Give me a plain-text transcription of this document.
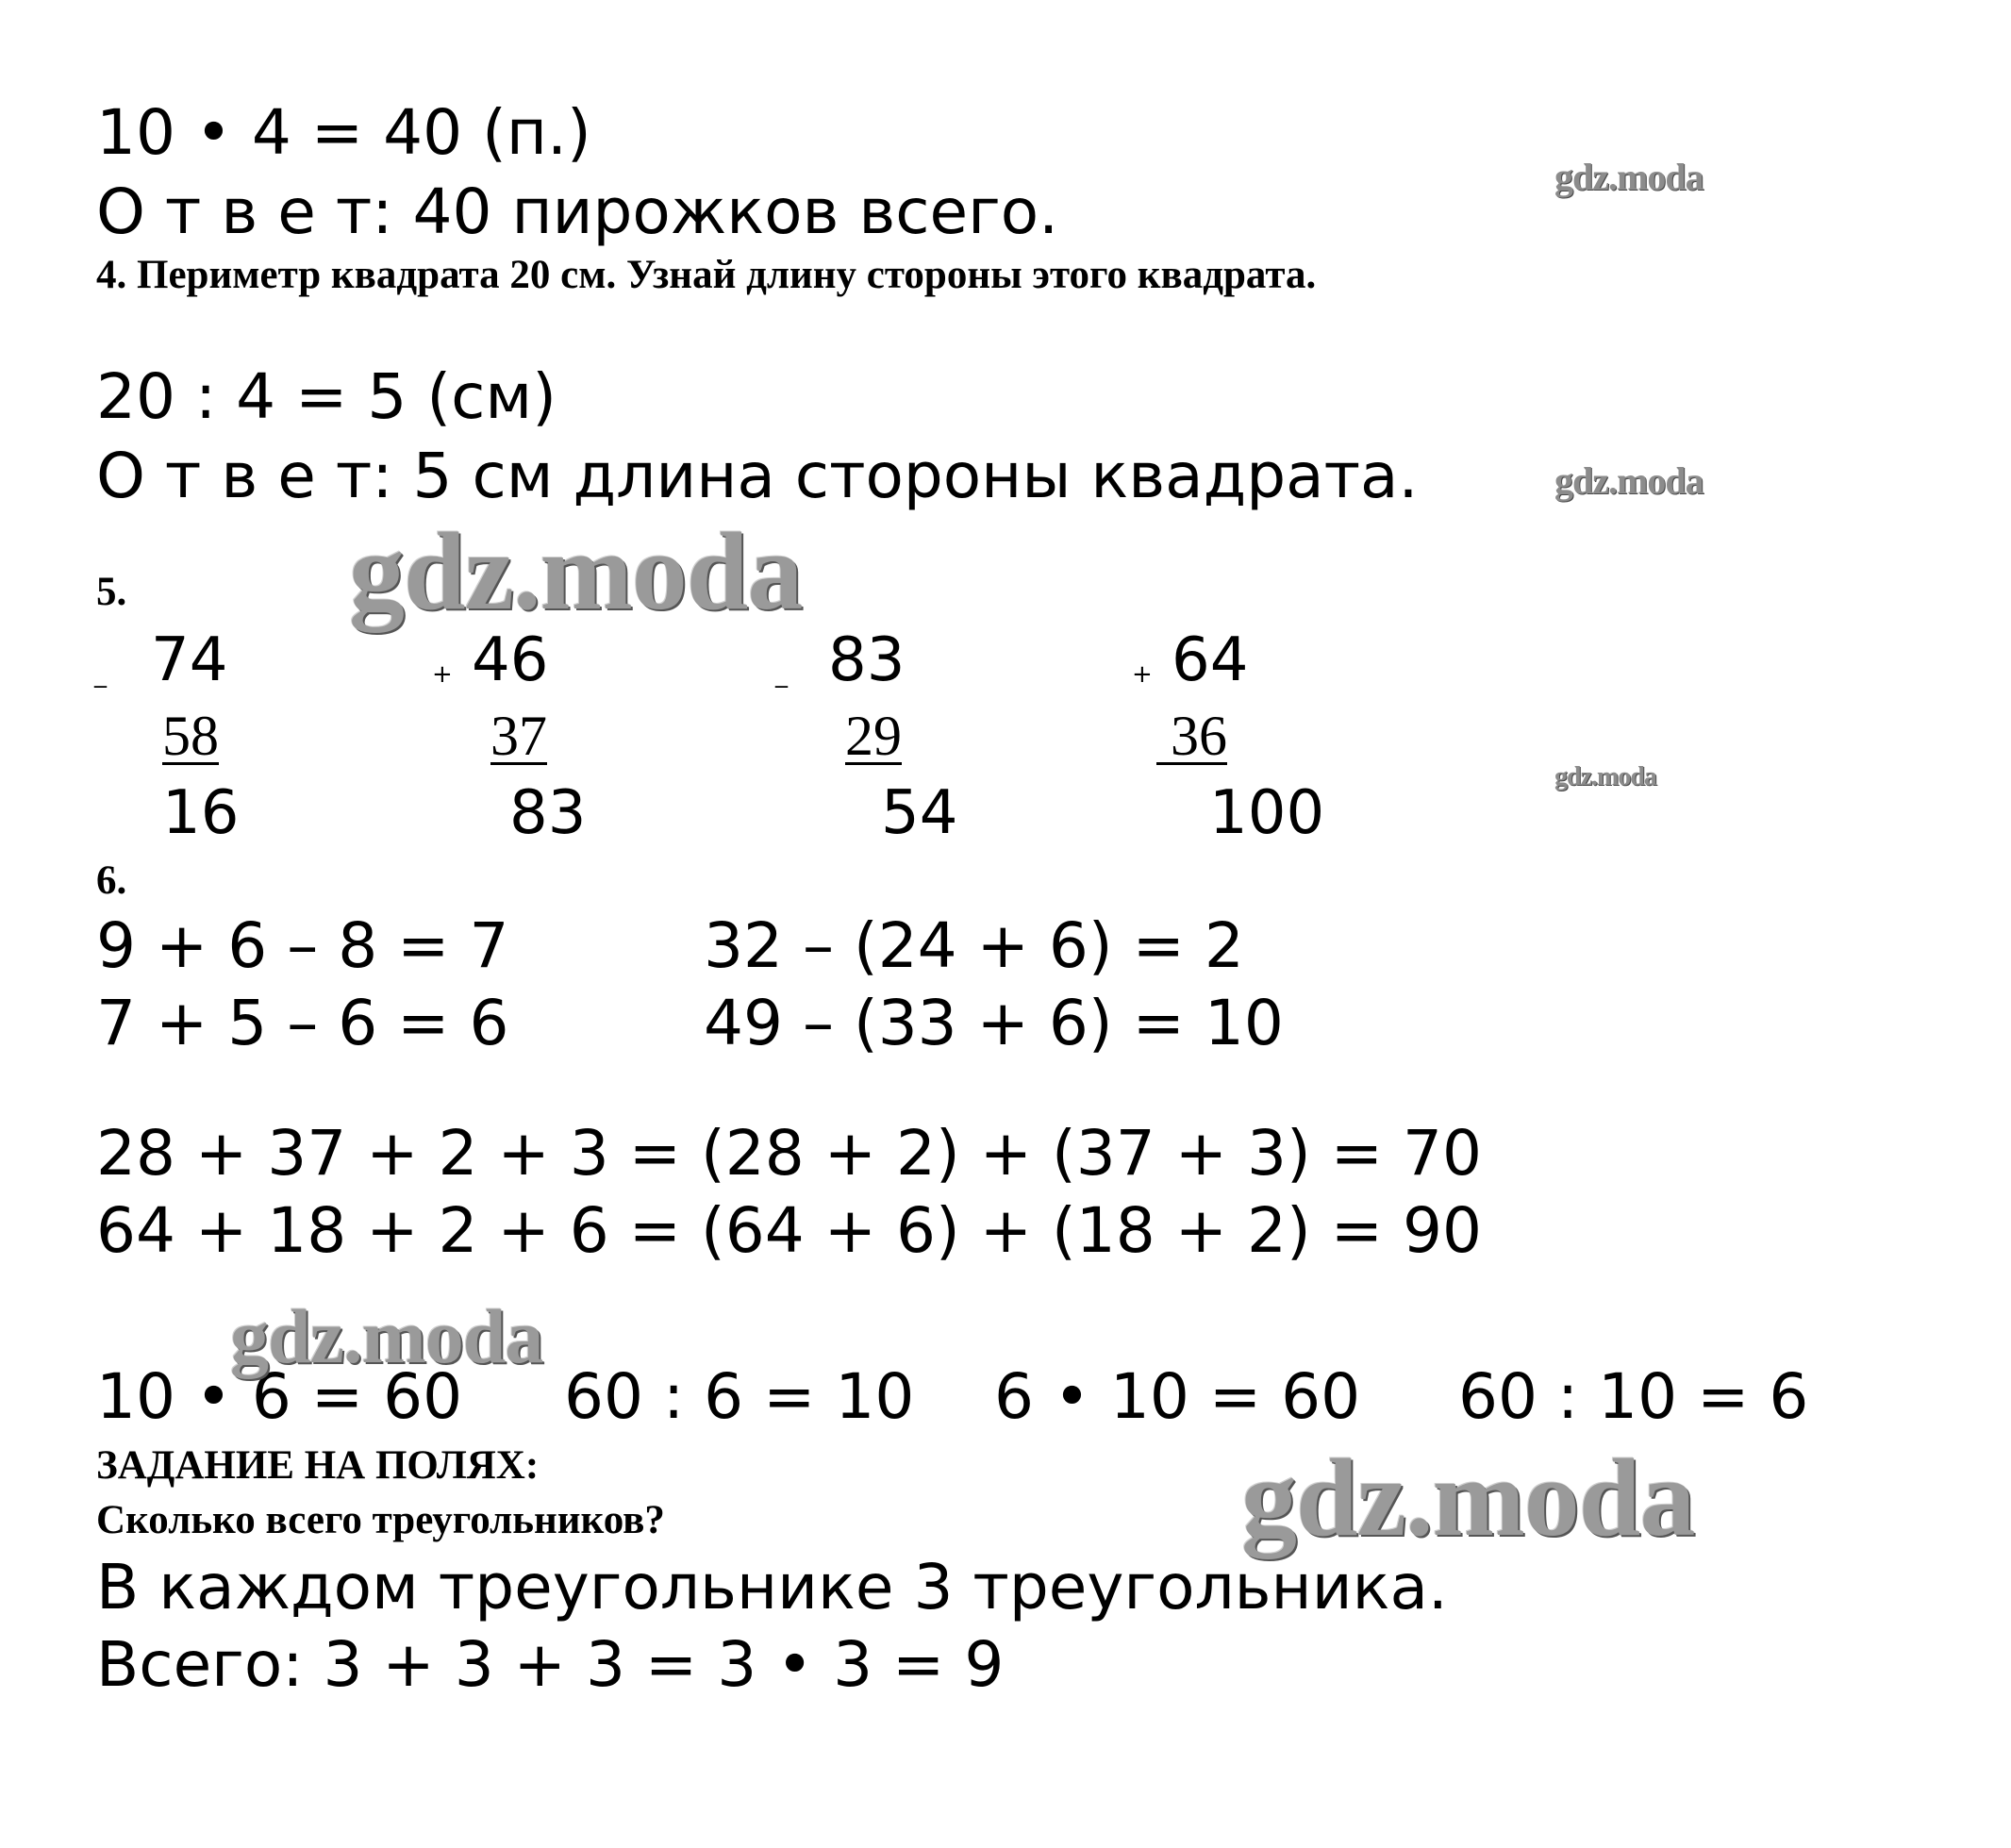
10 • 4 = 40 (п.)
О т в е т: 40 пирожков всего.
4. Периметр квадрата 20 см. Узнай длину стороны этого квадрата.
20 : 4 = 5 (см)
О т в е т: 5 см длина стороны квадрата.
5.
_ 74
58
16
+ 46
37
83
_ 83
29
54
+ 64
36
100
6.
9 + 6 – 8 = 7	32 – (24 + 6) = 2
7 + 5 – 6 = 6	49 – (33 + 6) = 10
28 + 37 + 2 + 3 = (28 + 2) + (37 + 3) = 70
64 + 18 + 2 + 6 = (64 + 6) + (18 + 2) = 90
10 • 6 = 60 60 : 6 = 10 6 • 10 = 60 60 : 10 = 6
ЗАДАНИЕ НА ПОЛЯХ:
Сколько всего треугольников?
В каждом треугольнике 3 треугольника.
Всего: 3 + 3 + 3 = 3 • 3 = 9
gdz.moda
gdz.moda
gdz.moda
gdz.moda
gdz.moda
gdz.moda
